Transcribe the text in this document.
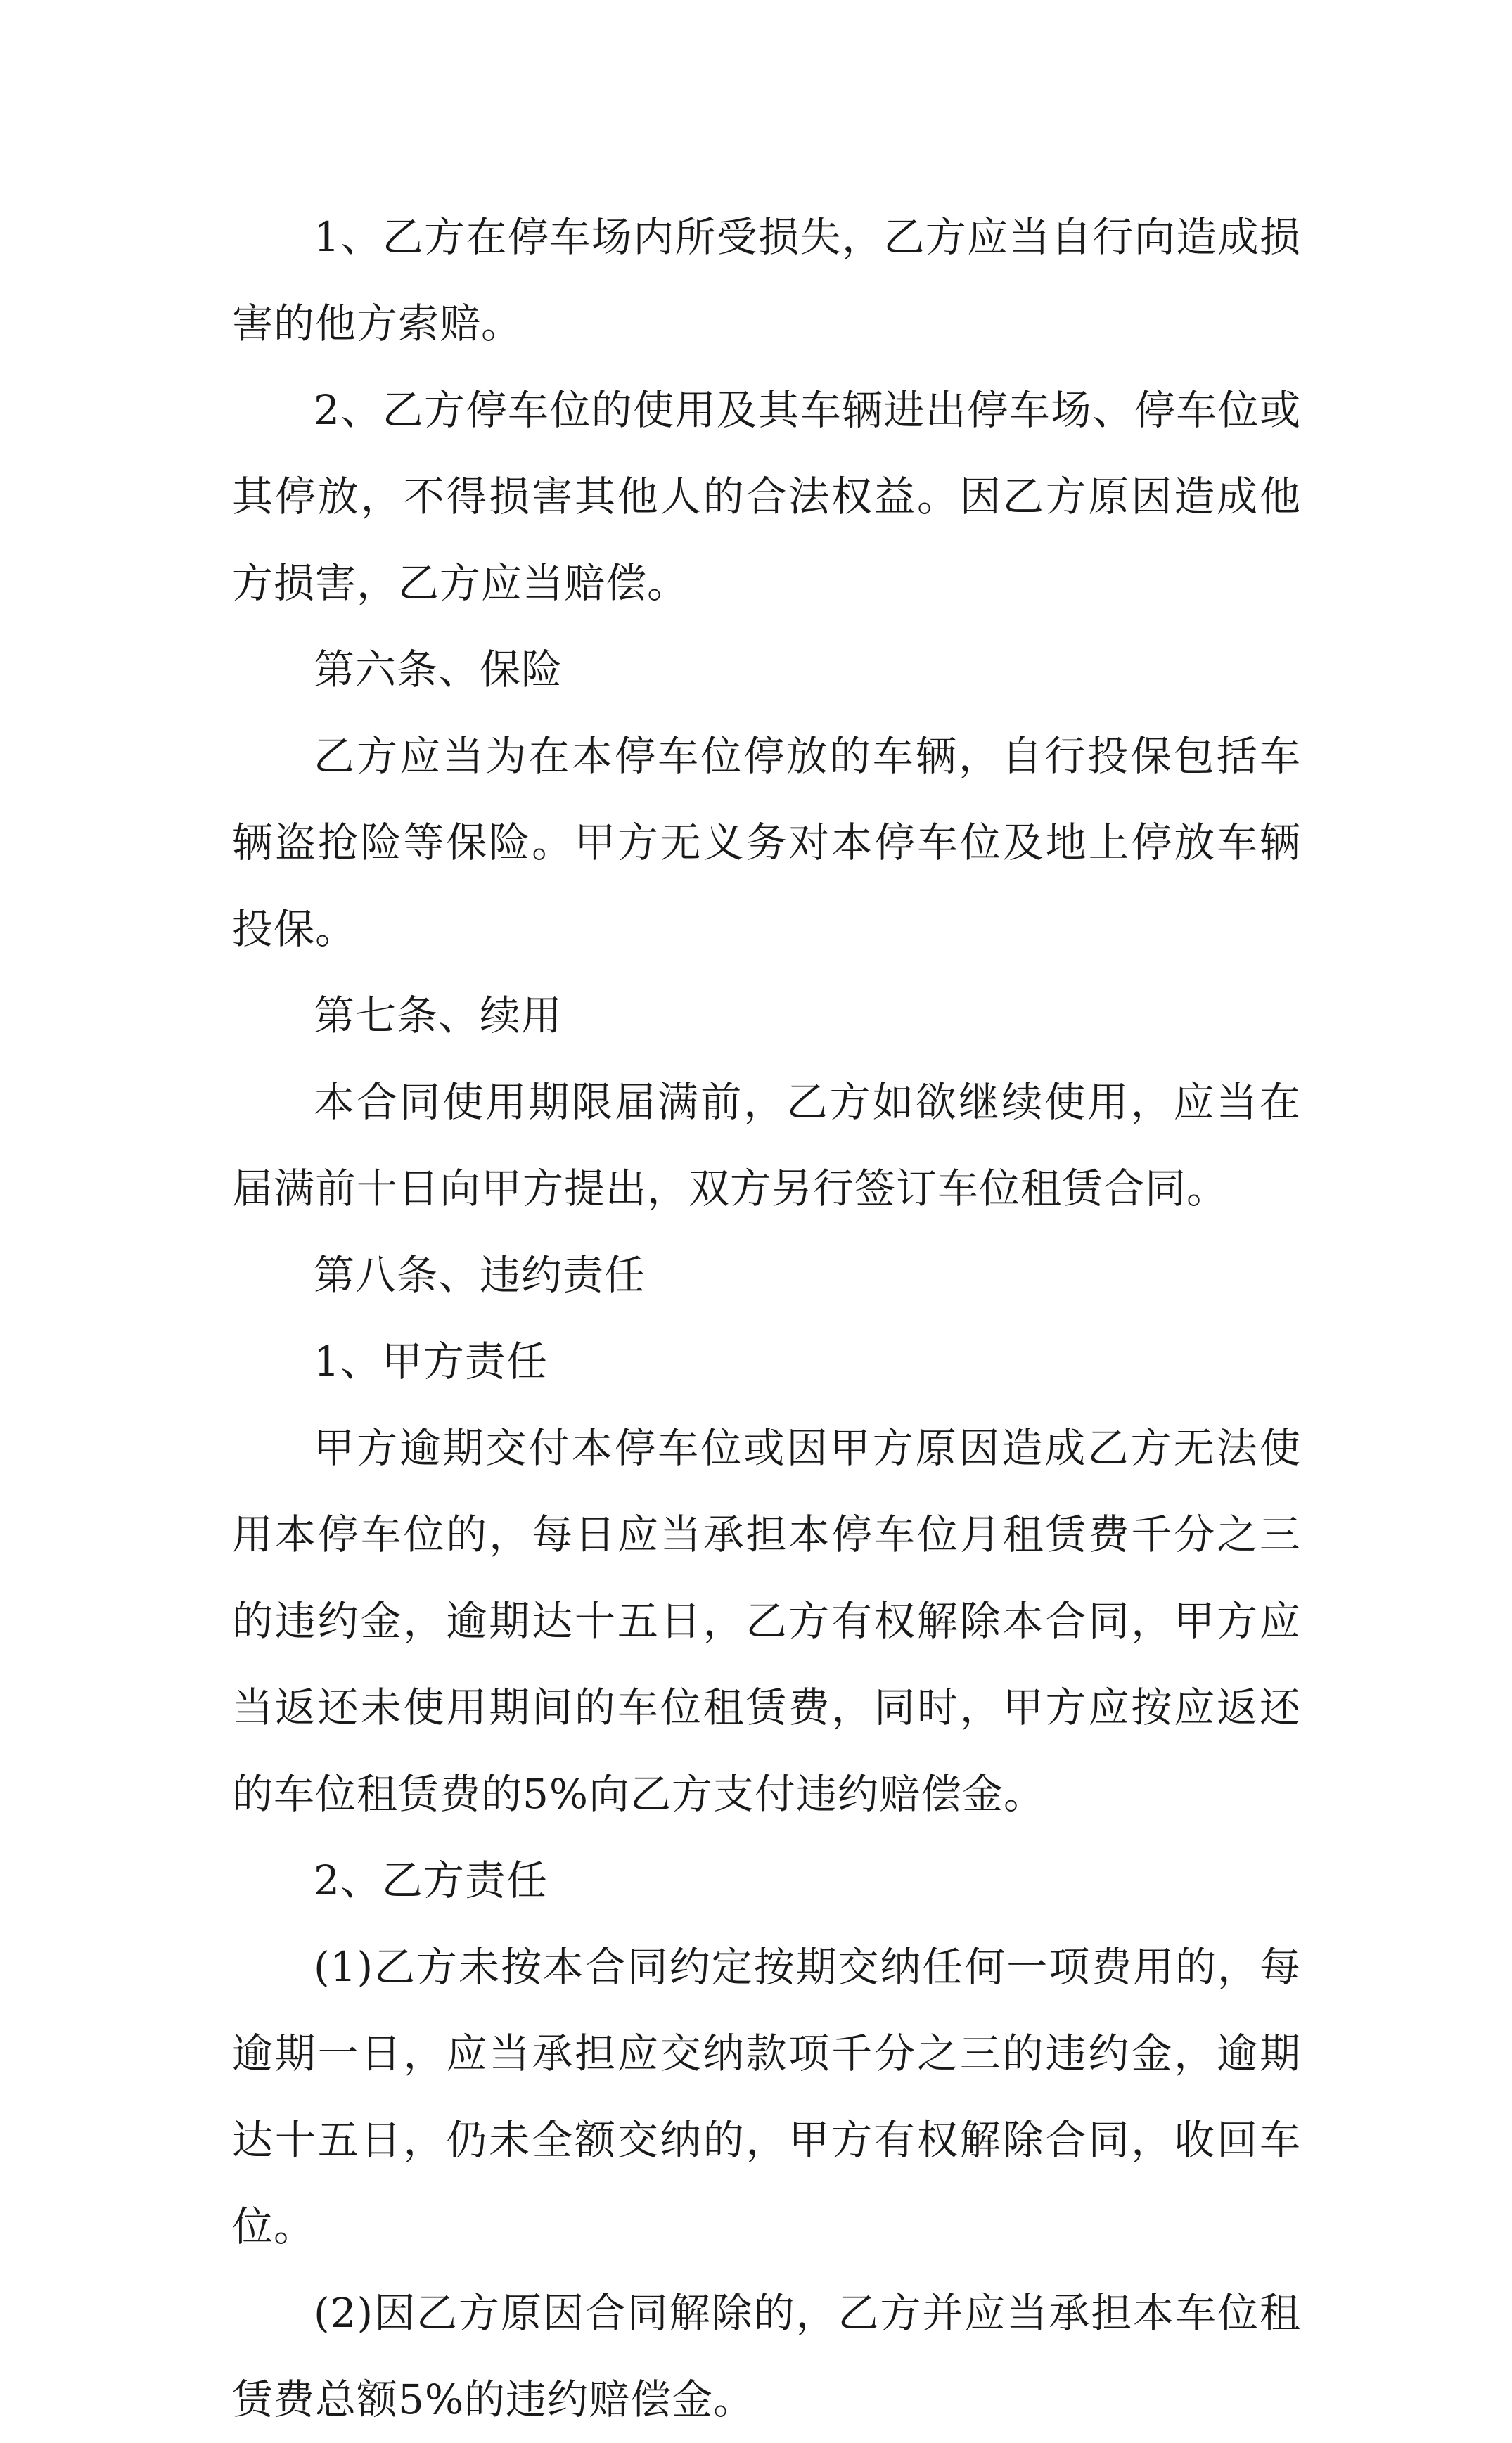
1、乙方在停车场内所受损失，乙方应当自行向造成损害的他方索赔。

2、乙方停车位的使用及其车辆进出停车场、停车位或其停放，不得损害其他人的合法权益。因乙方原因造成他方损害，乙方应当赔偿。

第六条、保险

乙方应当为在本停车位停放的车辆，自行投保包括车辆盗抢险等保险。甲方无义务对本停车位及地上停放车辆投保。

第七条、续用

本合同使用期限届满前，乙方如欲继续使用，应当在届满前十日向甲方提出，双方另行签订车位租赁合同。

第八条、违约责任

1、甲方责任

甲方逾期交付本停车位或因甲方原因造成乙方无法使用本停车位的，每日应当承担本停车位月租赁费千分之三的违约金，逾期达十五日，乙方有权解除本合同，甲方应当返还未使用期间的车位租赁费，同时，甲方应按应返还的车位租赁费的5%向乙方支付违约赔偿金。

2、乙方责任

(1)乙方未按本合同约定按期交纳任何一项费用的，每逾期一日，应当承担应交纳款项千分之三的违约金，逾期达十五日，仍未全额交纳的，甲方有权解除合同，收回车位。

(2)因乙方原因合同解除的，乙方并应当承担本车位租赁费总额5%的违约赔偿金。
